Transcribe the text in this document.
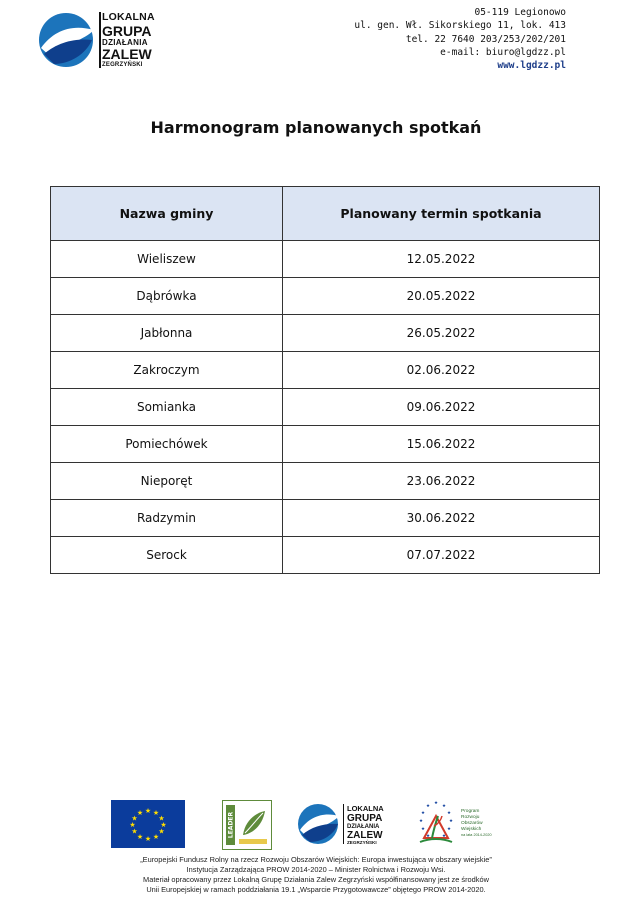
LOKALNA
GRUPA
DZIAŁANIA
ZALEW
ZEGRZYŃSKI
05-119 Legionowo
ul. gen. Wł. Sikorskiego 11, lok. 413
tel. 22 7640 203/253/202/201
e-mail: biuro@lgdzz.pl
www.lgdzz.pl
Harmonogram planowanych spotkań
Nazwa gminy	Planowany termin spotkania
Wieliszew	12.05.2022
Dąbrówka	20.05.2022
Jabłonna	26.05.2022
Zakroczym	02.06.2022
Somianka	09.06.2022
Pomiechówek	15.06.2022
Nieporęt	23.06.2022
Radzymin	30.06.2022
Serock	07.07.2022
★ ★
★
★
★
★
★
★
★
★
★
★	LEADER
LOKALNA
GRUPA
DZIAŁANIA
ZALEW
ZEGRZYŃSKI
★
★
★
★
★
★
★
★
★
★
★
★
Program
Rozwoju
Obszarów
Wiejskich
na lata 2014-2020
„Europejski Fundusz Rolny na rzecz Rozwoju Obszarów Wiejskich: Europa inwestująca w obszary wiejskie”
Instytucja Zarządzająca PROW 2014-2020 – Minister Rolnictwa i Rozwoju Wsi.
Materiał opracowany przez Lokalną Grupę Działania Zalew Zegrzyński współfinansowany jest ze środków
Unii Europejskiej w ramach poddziałania 19.1 „Wsparcie Przygotowawcze” objętego PROW 2014-2020.
